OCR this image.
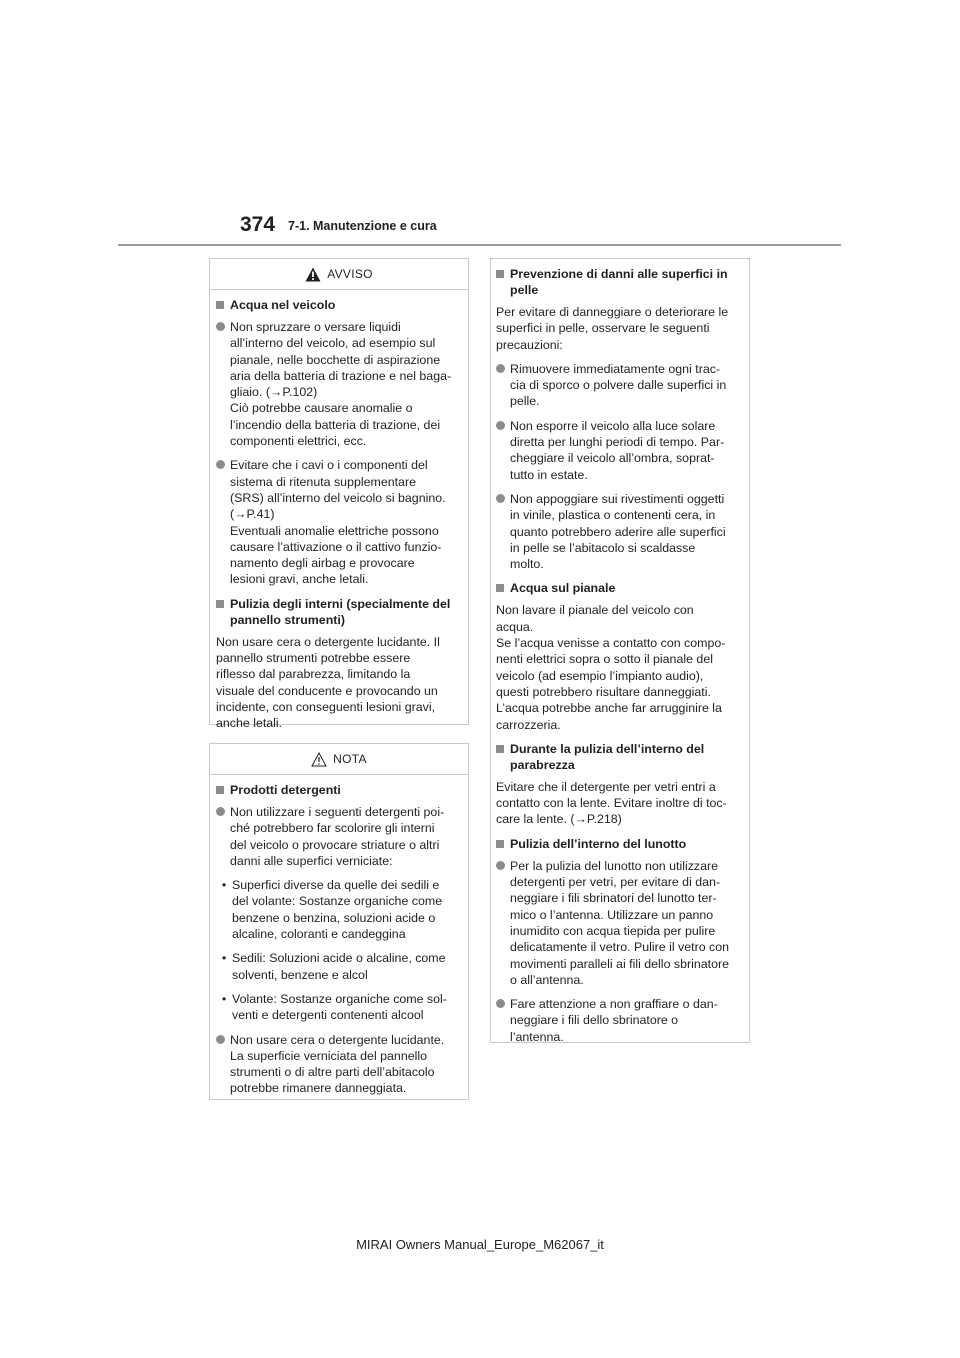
374 7-1. Manutenzione e cura
AVVISO
Acqua nel veicolo
Non spruzzare o versare liquidi
all’interno del veicolo, ad esempio sul
pianale, nelle bocchette di aspirazione
aria della batteria di trazione e nel baga-
gliaio. (→P.102)
Ciò potrebbe causare anomalie o
l’incendio della batteria di trazione, dei
componenti elettrici, ecc.
Evitare che i cavi o i componenti del
sistema di ritenuta supplementare
(SRS) all’interno del veicolo si bagnino.
(→P.41)
Eventuali anomalie elettriche possono
causare l’attivazione o il cattivo funzio-
namento degli airbag e provocare
lesioni gravi, anche letali.
Pulizia degli interni (specialmente del
pannello strumenti)
Non usare cera o detergente lucidante. Il
pannello strumenti potrebbe essere
riflesso dal parabrezza, limitando la
visuale del conducente e provocando un
incidente, con conseguenti lesioni gravi,
anche letali.
NOTA
Prodotti detergenti
Non utilizzare i seguenti detergenti poi-
ché potrebbero far scolorire gli interni
del veicolo o provocare striature o altri
danni alle superfici verniciate:
• Superfici diverse da quelle dei sedili e
del volante: Sostanze organiche come
benzene o benzina, soluzioni acide o
alcaline, coloranti e candeggina
• Sedili: Soluzioni acide o alcaline, come
solventi, benzene e alcol
• Volante: Sostanze organiche come sol-
venti e detergenti contenenti alcool
Non usare cera o detergente lucidante.
La superficie verniciata del pannello
strumenti o di altre parti dell’abitacolo
potrebbe rimanere danneggiata.
Prevenzione di danni alle superfici in
pelle
Per evitare di danneggiare o deteriorare le
superfici in pelle, osservare le seguenti
precauzioni:
Rimuovere immediatamente ogni trac-
cia di sporco o polvere dalle superfici in
pelle.
Non esporre il veicolo alla luce solare
diretta per lunghi periodi di tempo. Par-
cheggiare il veicolo all’ombra, soprat-
tutto in estate.
Non appoggiare sui rivestimenti oggetti
in vinile, plastica o contenenti cera, in
quanto potrebbero aderire alle superfici
in pelle se l’abitacolo si scaldasse
molto.
Acqua sul pianale
Non lavare il pianale del veicolo con
acqua.
Se l’acqua venisse a contatto con compo-
nenti elettrici sopra o sotto il pianale del
veicolo (ad esempio l’impianto audio),
questi potrebbero risultare danneggiati.
L’acqua potrebbe anche far arrugginire la
carrozzeria.
Durante la pulizia dell’interno del
parabrezza
Evitare che il detergente per vetri entri a
contatto con la lente. Evitare inoltre di toc-
care la lente. (→P.218)
Pulizia dell’interno del lunotto
Per la pulizia del lunotto non utilizzare
detergenti per vetri, per evitare di dan-
neggiare i fili sbrinatori del lunotto ter-
mico o l’antenna. Utilizzare un panno
inumidito con acqua tiepida per pulire
delicatamente il vetro. Pulire il vetro con
movimenti paralleli ai fili dello sbrinatore
o all’antenna.
Fare attenzione a non graffiare o dan-
neggiare i fili dello sbrinatore o
l’antenna.
MIRAI Owners Manual_Europe_M62067_it
